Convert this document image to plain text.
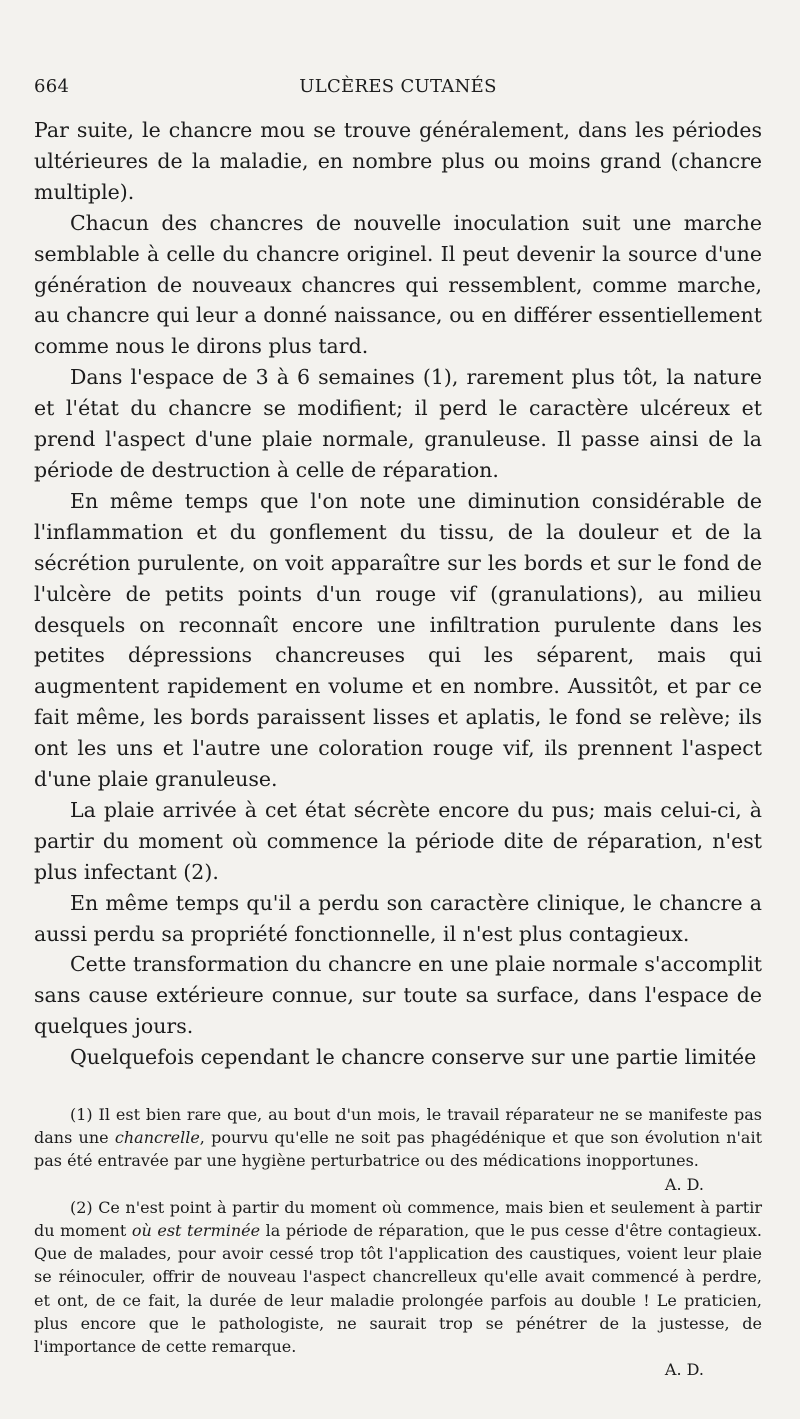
664	ULCÈRES CUTANÉS

Par suite, le chancre mou se trouve généralement, dans les périodes ultérieures de la maladie, en nombre plus ou moins grand (chancre multiple).

Chacun des chancres de nouvelle inoculation suit une marche semblable à celle du chancre originel. Il peut devenir la source d'une génération de nouveaux chancres qui ressemblent, comme marche, au chancre qui leur a donné naissance, ou en différer essentiellement comme nous le dirons plus tard.

Dans l'espace de 3 à 6 semaines (1), rarement plus tôt, la nature et l'état du chancre se modifient; il perd le caractère ulcéreux et prend l'aspect d'une plaie normale, granuleuse. Il passe ainsi de la période de destruction à celle de réparation.

En même temps que l'on note une diminution considérable de l'inflammation et du gonflement du tissu, de la douleur et de la sécrétion purulente, on voit apparaître sur les bords et sur le fond de l'ulcère de petits points d'un rouge vif (granulations), au milieu desquels on reconnaît encore une infiltration purulente dans les petites dépressions chancreuses qui les séparent, mais qui augmentent rapidement en volume et en nombre. Aussitôt, et par ce fait même, les bords paraissent lisses et aplatis, le fond se relève; ils ont les uns et l'autre une coloration rouge vif, ils prennent l'aspect d'une plaie granuleuse.

La plaie arrivée à cet état sécrète encore du pus; mais celui-ci, à partir du moment où commence la période dite de réparation, n'est plus infectant (2).

En même temps qu'il a perdu son caractère clinique, le chancre a aussi perdu sa propriété fonctionnelle, il n'est plus contagieux.

Cette transformation du chancre en une plaie normale s'accomplit sans cause extérieure connue, sur toute sa surface, dans l'espace de quelques jours.

Quelquefois cependant le chancre conserve sur une partie limitée

(1) Il est bien rare que, au bout d'un mois, le travail réparateur ne se manifeste pas dans une chancrelle, pourvu qu'elle ne soit pas phagédénique et que son évolution n'ait pas été entravée par une hygiène perturbatrice ou des médications inopportunes.

A. D.

(2) Ce n'est point à partir du moment où commence, mais bien et seulement à partir du moment où est terminée la période de réparation, que le pus cesse d'être contagieux. Que de malades, pour avoir cessé trop tôt l'application des caustiques, voient leur plaie se réinoculer, offrir de nouveau l'aspect chancrelleux qu'elle avait commencé à perdre, et ont, de ce fait, la durée de leur maladie prolongée parfois au double ! Le praticien, plus encore que le pathologiste, ne saurait trop se pénétrer de la justesse, de l'importance de cette remarque.

A. D.
